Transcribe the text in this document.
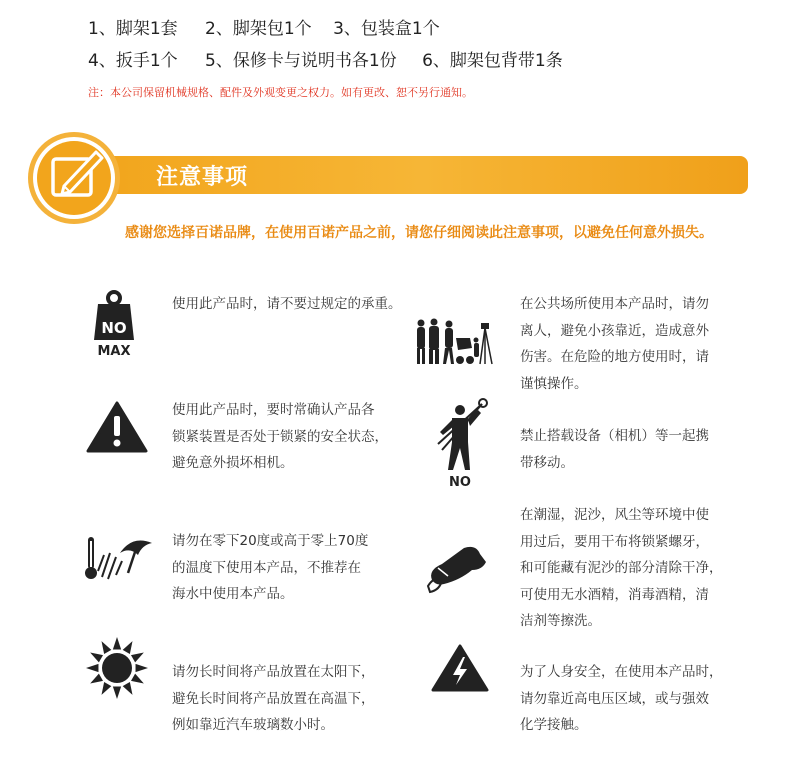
1、脚架1套 2、脚架包1个 3、包装盒1个
4、扳手1个 5、保修卡与说明书各1份 6、脚架包背带1条
注：本公司保留机械规格、配件及外观变更之权力。如有更改、恕不另行通知。
注意事项
感谢您选择百诺品牌，在使用百诺产品之前，请您仔细阅读此注意事项，以避免任何意外损失。
NO
MAX
使用此产品时，请不要过规定的承重。	在公共场所使用本产品时，请勿
离人，避免小孩靠近，造成意外
伤害。在危险的地方使用时，请
谨慎操作。
使用此产品时，要时常确认产品各
锁紧装置是否处于锁紧的安全状态，
避免意外损坏相机。
NO
禁止搭载设备（相机）等一起携
带移动。
请勿在零下20度或高于零上70度
的温度下使用本产品，不推荐在
海水中使用本产品。
在潮湿，泥沙，风尘等环境中使
用过后，要用干布将锁紧螺牙，
和可能藏有泥沙的部分清除干净，
可使用无水酒精，消毒酒精，清
洁剂等擦洗。
请勿长时间将产品放置在太阳下，
避免长时间将产品放置在高温下，
例如靠近汽车玻璃数小时。
为了人身安全，在使用本产品时，
请勿靠近高电压区域，或与强效
化学接触。
